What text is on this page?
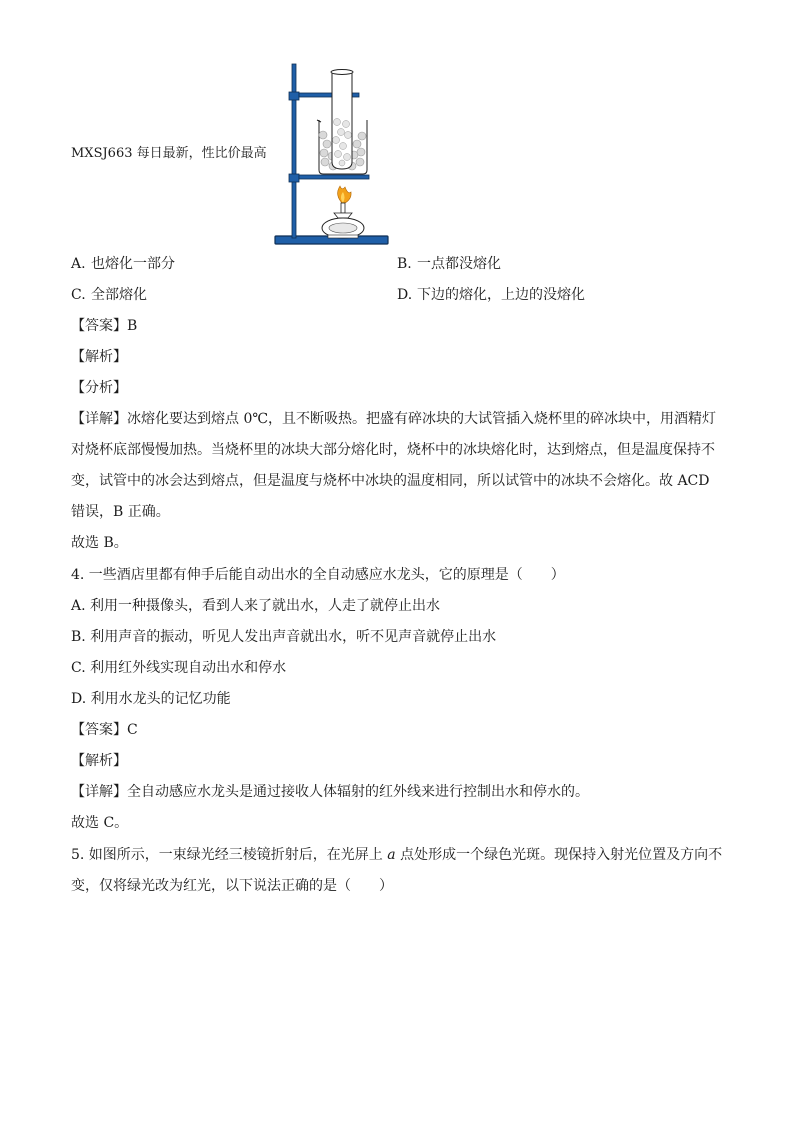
MXSJ663 每日最新，性比价最高
A. 也熔化一部分	B. 一点都没熔化
C. 全部熔化	D. 下边的熔化，上边的没熔化
【答案】B
【解析】
【分析】
【详解】冰熔化要达到熔点 0℃，且不断吸热。把盛有碎冰块的大试管插入烧杯里的碎冰块中，用酒精灯
对烧杯底部慢慢加热。当烧杯里的冰块大部分熔化时，烧杯中的冰块熔化时，达到熔点，但是温度保持不
变，试管中的冰会达到熔点，但是温度与烧杯中冰块的温度相同，所以试管中的冰块不会熔化。故 ACD
错误，B 正确。
故选 B。
4. 一些酒店里都有伸手后能自动出水的全自动感应水龙头，它的原理是（　　）
A. 利用一种摄像头，看到人来了就出水，人走了就停止出水
B. 利用声音的振动，听见人发出声音就出水，听不见声音就停止出水
C. 利用红外线实现自动出水和停水
D. 利用水龙头的记忆功能
【答案】C
【解析】
【详解】全自动感应水龙头是通过接收人体辐射的红外线来进行控制出水和停水的。
故选 C。
5. 如图所示，一束绿光经三棱镜折射后，在光屏上 a 点处形成一个绿色光斑。现保持入射光位置及方向不
变，仅将绿光改为红光，以下说法正确的是（　　）
